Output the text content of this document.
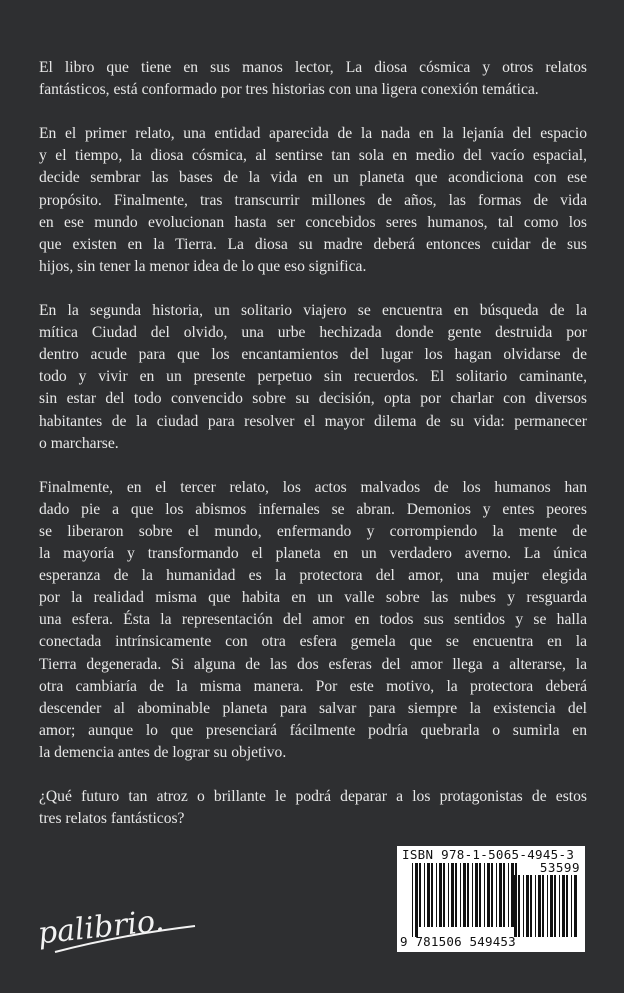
El libro que tiene en sus manos lector, La diosa cósmica y otros relatos
fantásticos, está conformado por tres historias con una ligera conexión temática.
En el primer relato, una entidad aparecida de la nada en la lejanía del espacio
y el tiempo, la diosa cósmica, al sentirse tan sola en medio del vacío espacial,
decide sembrar las bases de la vida en un planeta que acondiciona con ese
propósito. Finalmente, tras transcurrir millones de años, las formas de vida
en ese mundo evolucionan hasta ser concebidos seres humanos, tal como los
que existen en la Tierra. La diosa su madre deberá entonces cuidar de sus
hijos, sin tener la menor idea de lo que eso significa.
En la segunda historia, un solitario viajero se encuentra en búsqueda de la
mítica Ciudad del olvido, una urbe hechizada donde gente destruida por
dentro acude para que los encantamientos del lugar los hagan olvidarse de
todo y vivir en un presente perpetuo sin recuerdos. El solitario caminante,
sin estar del todo convencido sobre su decisión, opta por charlar con diversos
habitantes de la ciudad para resolver el mayor dilema de su vida: permanecer
o marcharse.
Finalmente, en el tercer relato, los actos malvados de los humanos han
dado pie a que los abismos infernales se abran. Demonios y entes peores
se liberaron sobre el mundo, enfermando y corrompiendo la mente de
la mayoría y transformando el planeta en un verdadero averno. La única
esperanza de la humanidad es la protectora del amor, una mujer elegida
por la realidad misma que habita en un valle sobre las nubes y resguarda
una esfera. Ésta la representación del amor en todos sus sentidos y se halla
conectada intrínsicamente con otra esfera gemela que se encuentra en la
Tierra degenerada. Si alguna de las dos esferas del amor llega a alterarse, la
otra cambiaría de la misma manera. Por este motivo, la protectora deberá
descender al abominable planeta para salvar para siempre la existencia del
amor; aunque lo que presenciará fácilmente podría quebrarla o sumirla en
la demencia antes de lograr su objetivo.
¿Qué futuro tan atroz o brillante le podrá deparar a los protagonistas de estos
tres relatos fantásticos?
ISBN 978-1-5065-4945-3
53599
9 781506 549453
palibrio.
